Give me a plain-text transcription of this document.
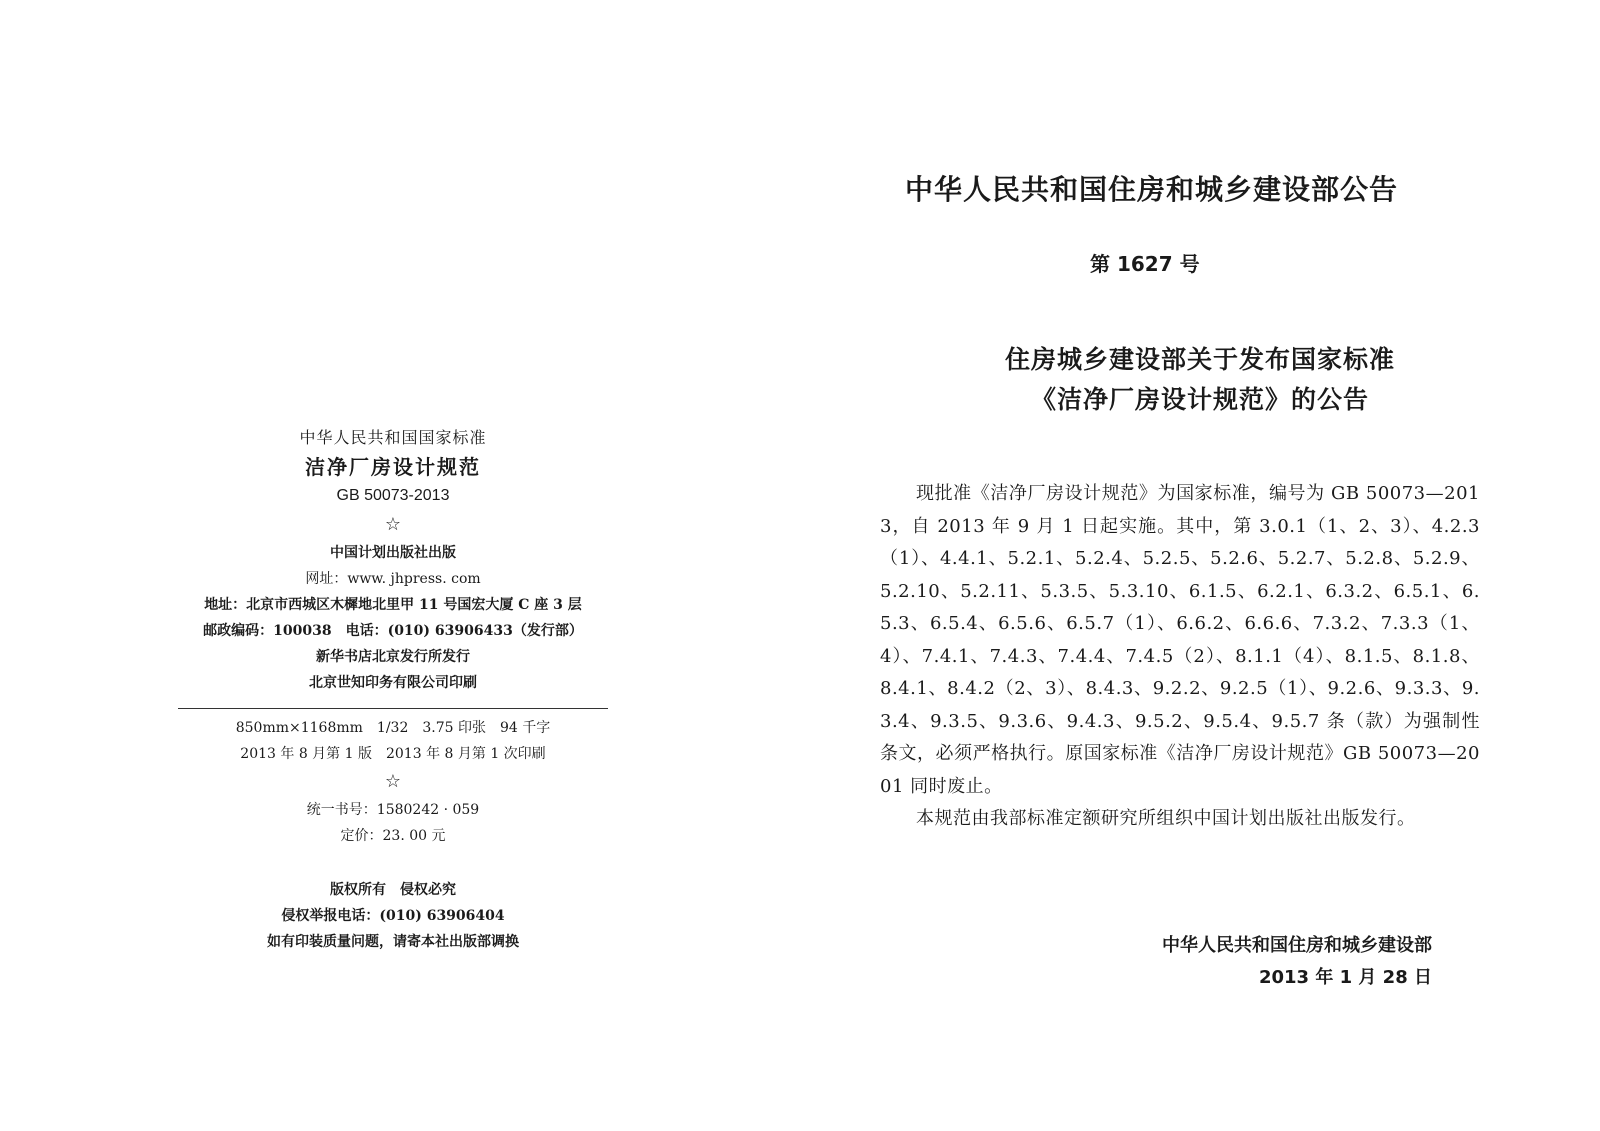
中华人民共和国国家标准

洁净厂房设计规范

GB 50073-2013

☆

中国计划出版社出版

网址：www. jhpress. com

地址：北京市西城区木樨地北里甲 11 号国宏大厦 C 座 3 层

邮政编码：100038　电话：(010) 63906433（发行部）

新华书店北京发行所发行

北京世知印务有限公司印刷

850mm×1168mm　1/32　3.75 印张　94 千字

2013 年 8 月第 1 版　2013 年 8 月第 1 次印刷

☆

统一书号：1580242 · 059

定价：23. 00 元

版权所有　侵权必究

侵权举报电话：(010) 63906404

如有印装质量问题，请寄本社出版部调换

中华人民共和国住房和城乡建设部公告

第 1627 号

住房城乡建设部关于发布国家标准
《洁净厂房设计规范》的公告

现批准《洁净厂房设计规范》为国家标准，编号为 GB 50073—2013，自 2013 年 9 月 1 日起实施。其中，第 3.0.1（1、2、3）、4.2.3（1）、4.4.1、5.2.1、5.2.4、5.2.5、5.2.6、5.2.7、5.2.8、5.2.9、5.2.10、5.2.11、5.3.5、5.3.10、6.1.5、6.2.1、6.3.2、6.5.1、6.5.3、6.5.4、6.5.6、6.5.7（1）、6.6.2、6.6.6、7.3.2、7.3.3（1、4）、7.4.1、7.4.3、7.4.4、7.4.5（2）、8.1.1（4）、8.1.5、8.1.8、8.4.1、8.4.2（2、3）、8.4.3、9.2.2、9.2.5（1）、9.2.6、9.3.3、9.3.4、9.3.5、9.3.6、9.4.3、9.5.2、9.5.4、9.5.7 条（款）为强制性条文，必须严格执行。原国家标准《洁净厂房设计规范》GB 50073—2001 同时废止。

本规范由我部标准定额研究所组织中国计划出版社出版发行。

中华人民共和国住房和城乡建设部
2013 年 1 月 28 日
